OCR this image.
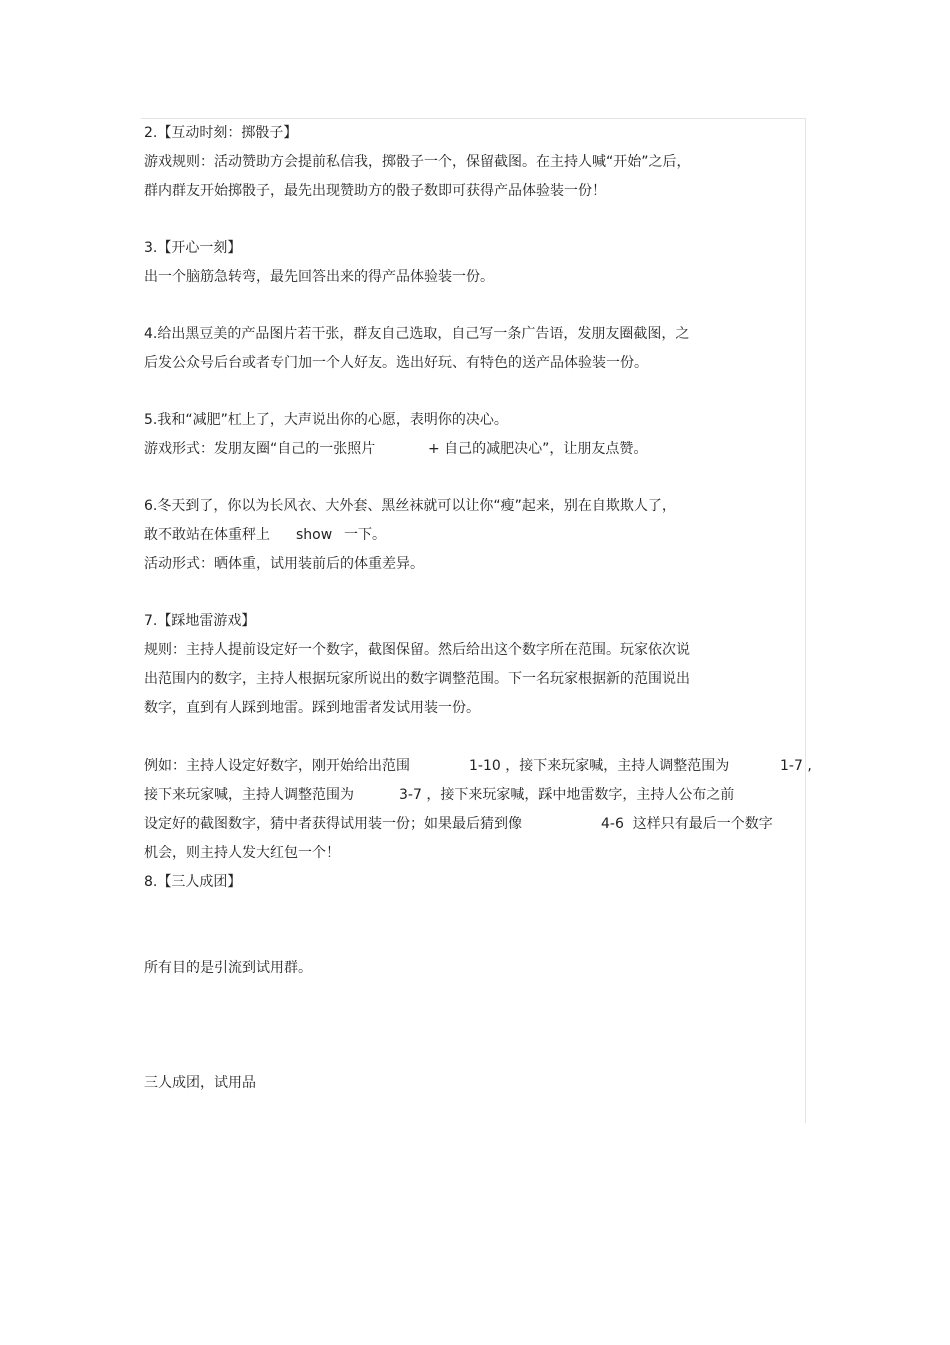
2.【互动时刻：掷骰子】
游戏规则：活动赞助方会提前私信我，掷骰子一个，保留截图。在主持人喊“开始”之后，
群内群友开始掷骰子，最先出现赞助方的骰子数即可获得产品体验装一份！
3.【开心一刻】
出一个脑筋急转弯，最先回答出来的得产品体验装一份。
4.给出黑豆美的产品图片若干张，群友自己选取，自己写一条广告语，发朋友圈截图，之
后发公众号后台或者专门加一个人好友。选出好玩、有特色的送产品体验装一份。
5.我和“减肥”杠上了，大声说出你的心愿，表明你的决心。

游戏形式：发朋友圈“自己的一张照片

	+ 自己的减肥决心”，让朋友点赞。

6.冬天到了，你以为长风衣、大外套、黑丝袜就可以让你“瘦”起来，别在自欺欺人了，

敢不敢站在体重秤上

show

一下。

活动形式：晒体重，试用装前后的体重差异。
7.【踩地雷游戏】
规则：主持人提前设定好一个数字，截图保留。然后给出这个数字所在范围。玩家依次说
出范围内的数字，主持人根据玩家所说出的数字调整范围。下一名玩家根据新的范围说出
数字，直到有人踩到地雷。踩到地雷者发试用装一份。

例如：主持人设定好数字，刚开始给出范围

	1-10 ，接下来玩家喊，主持人调整范围为

	1-7 ,

接下来玩家喊，主持人调整范围为

	3-7 ，接下来玩家喊，踩中地雷数字，主持人公布之前

设定好的截图数字，猜中者获得试用装一份；如果最后猜到像

	4-6  这样只有最后一个数字

机会，则主持人发大红包一个！
8.【三人成团】
所有目的是引流到试用群。
三人成团，试用品
